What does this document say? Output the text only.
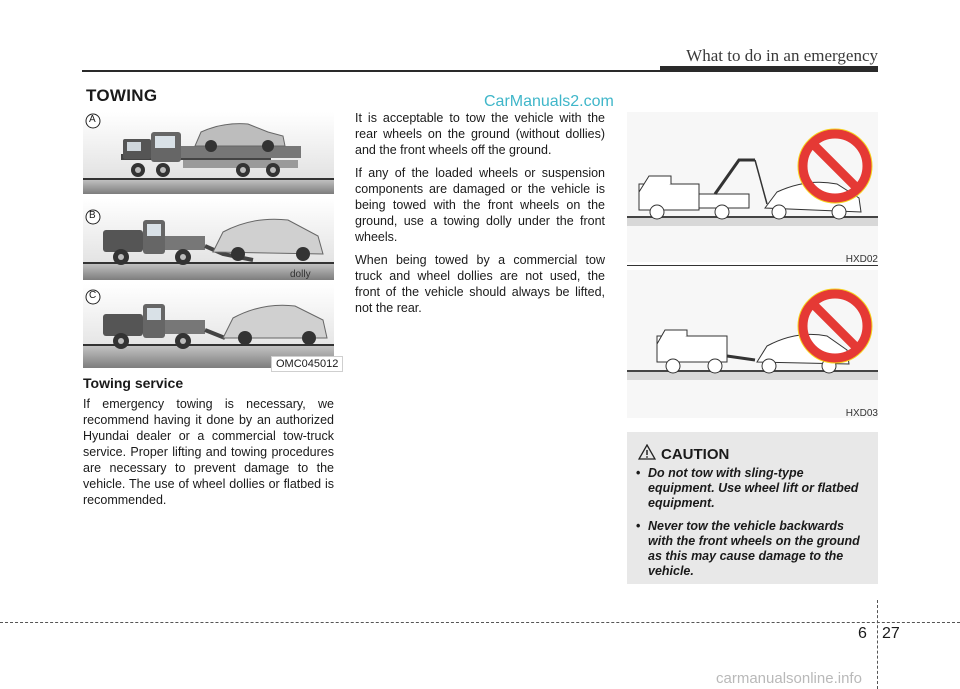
What to do in an emergency
TOWING	CarManuals2.com
A
B
C
dolly
OMC045012
Towing service

If emergency towing is necessary, we recommend having it done by an authorized Hyundai dealer or a commercial tow-truck service. Proper lifting and towing procedures are necessary to prevent damage to the vehicle. The use of wheel dollies or flatbed is recommended.

It is acceptable to tow the vehicle with the rear wheels on the ground (without dollies) and the front wheels off the ground.

If any of the loaded wheels or suspension components are damaged or the vehicle is being towed with the front wheels on the ground, use a towing dolly under the front wheels.

When being towed by a commercial tow truck and wheel dollies are not used, the front of the vehicle should always be lifted, not the rear.

HXD02
HXD03
CAUTION
• Do not tow with sling-type equipment. Use wheel lift or flatbed equipment.
• Never tow the vehicle backwards with the front wheels on the ground as this may cause damage to the vehicle.
6 27
carmanualsonline.info
